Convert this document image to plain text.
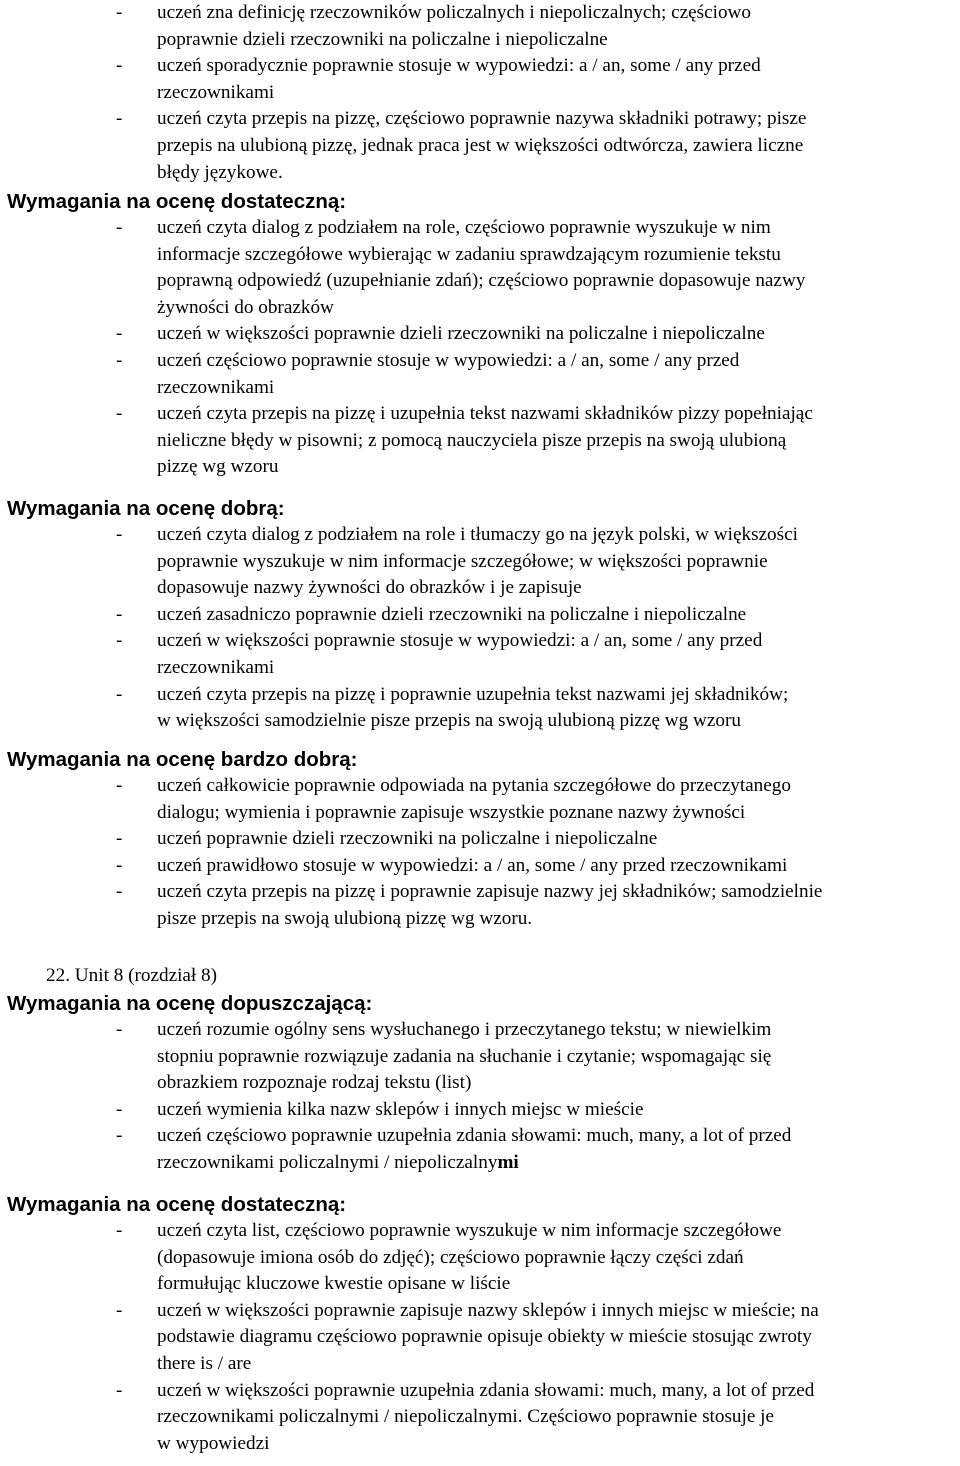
- uczeń zna definicję rzeczowników policzalnych i niepoliczalnych; częściowo
poprawnie dzieli rzeczowniki na policzalne i niepoliczalne
- uczeń sporadycznie poprawnie stosuje w wypowiedzi: a / an, some / any przed
rzeczownikami
- uczeń czyta przepis na pizzę, częściowo poprawnie nazywa składniki potrawy; pisze
przepis na ulubioną pizzę, jednak praca jest w większości odtwórcza, zawiera liczne
błędy językowe.
Wymagania na ocenę dostateczną:
- uczeń czyta dialog z podziałem na role, częściowo poprawnie wyszukuje w nim
informacje szczegółowe wybierając w zadaniu sprawdzającym rozumienie tekstu
poprawną odpowiedź (uzupełnianie zdań); częściowo poprawnie dopasowuje nazwy
żywności do obrazków
- uczeń w większości poprawnie dzieli rzeczowniki na policzalne i niepoliczalne
- uczeń częściowo poprawnie stosuje w wypowiedzi: a / an, some / any przed
rzeczownikami
- uczeń czyta przepis na pizzę i uzupełnia tekst nazwami składników pizzy popełniając
nieliczne błędy w pisowni; z pomocą nauczyciela pisze przepis na swoją ulubioną
pizzę wg wzoru
Wymagania na ocenę dobrą:
- uczeń czyta dialog z podziałem na role i tłumaczy go na język polski, w większości
poprawnie wyszukuje w nim informacje szczegółowe; w większości poprawnie
dopasowuje nazwy żywności do obrazków i je zapisuje
- uczeń zasadniczo poprawnie dzieli rzeczowniki na policzalne i niepoliczalne
- uczeń w większości poprawnie stosuje w wypowiedzi: a / an, some / any przed
rzeczownikami
- uczeń czyta przepis na pizzę i poprawnie uzupełnia tekst nazwami jej składników;
w większości samodzielnie pisze przepis na swoją ulubioną pizzę wg wzoru
Wymagania na ocenę bardzo dobrą:
- uczeń całkowicie poprawnie odpowiada na pytania szczegółowe do przeczytanego
dialogu; wymienia i poprawnie zapisuje wszystkie poznane nazwy żywności
- uczeń poprawnie dzieli rzeczowniki na policzalne i niepoliczalne
- uczeń prawidłowo stosuje w wypowiedzi: a / an, some / any przed rzeczownikami
- uczeń czyta przepis na pizzę i poprawnie zapisuje nazwy jej składników; samodzielnie
pisze przepis na swoją ulubioną pizzę wg wzoru.
22. Unit 8 (rozdział 8)
Wymagania na ocenę dopuszczającą:
- uczeń rozumie ogólny sens wysłuchanego i przeczytanego tekstu; w niewielkim
stopniu poprawnie rozwiązuje zadania na słuchanie i czytanie; wspomagając się
obrazkiem rozpoznaje rodzaj tekstu (list)
- uczeń wymienia kilka nazw sklepów i innych miejsc w mieście
- uczeń częściowo poprawnie uzupełnia zdania słowami: much, many, a lot of przed
rzeczownikami policzalnymi / niepoliczalnymi
Wymagania na ocenę dostateczną:
- uczeń czyta list, częściowo poprawnie wyszukuje w nim informacje szczegółowe
(dopasowuje imiona osób do zdjęć); częściowo poprawnie łączy części zdań
formułując kluczowe kwestie opisane w liście
- uczeń w większości poprawnie zapisuje nazwy sklepów i innych miejsc w mieście; na
podstawie diagramu częściowo poprawnie opisuje obiekty w mieście stosując zwroty
there is / are
- uczeń w większości poprawnie uzupełnia zdania słowami: much, many, a lot of przed
rzeczownikami policzalnymi / niepoliczalnymi. Częściowo poprawnie stosuje je
w wypowiedzi
